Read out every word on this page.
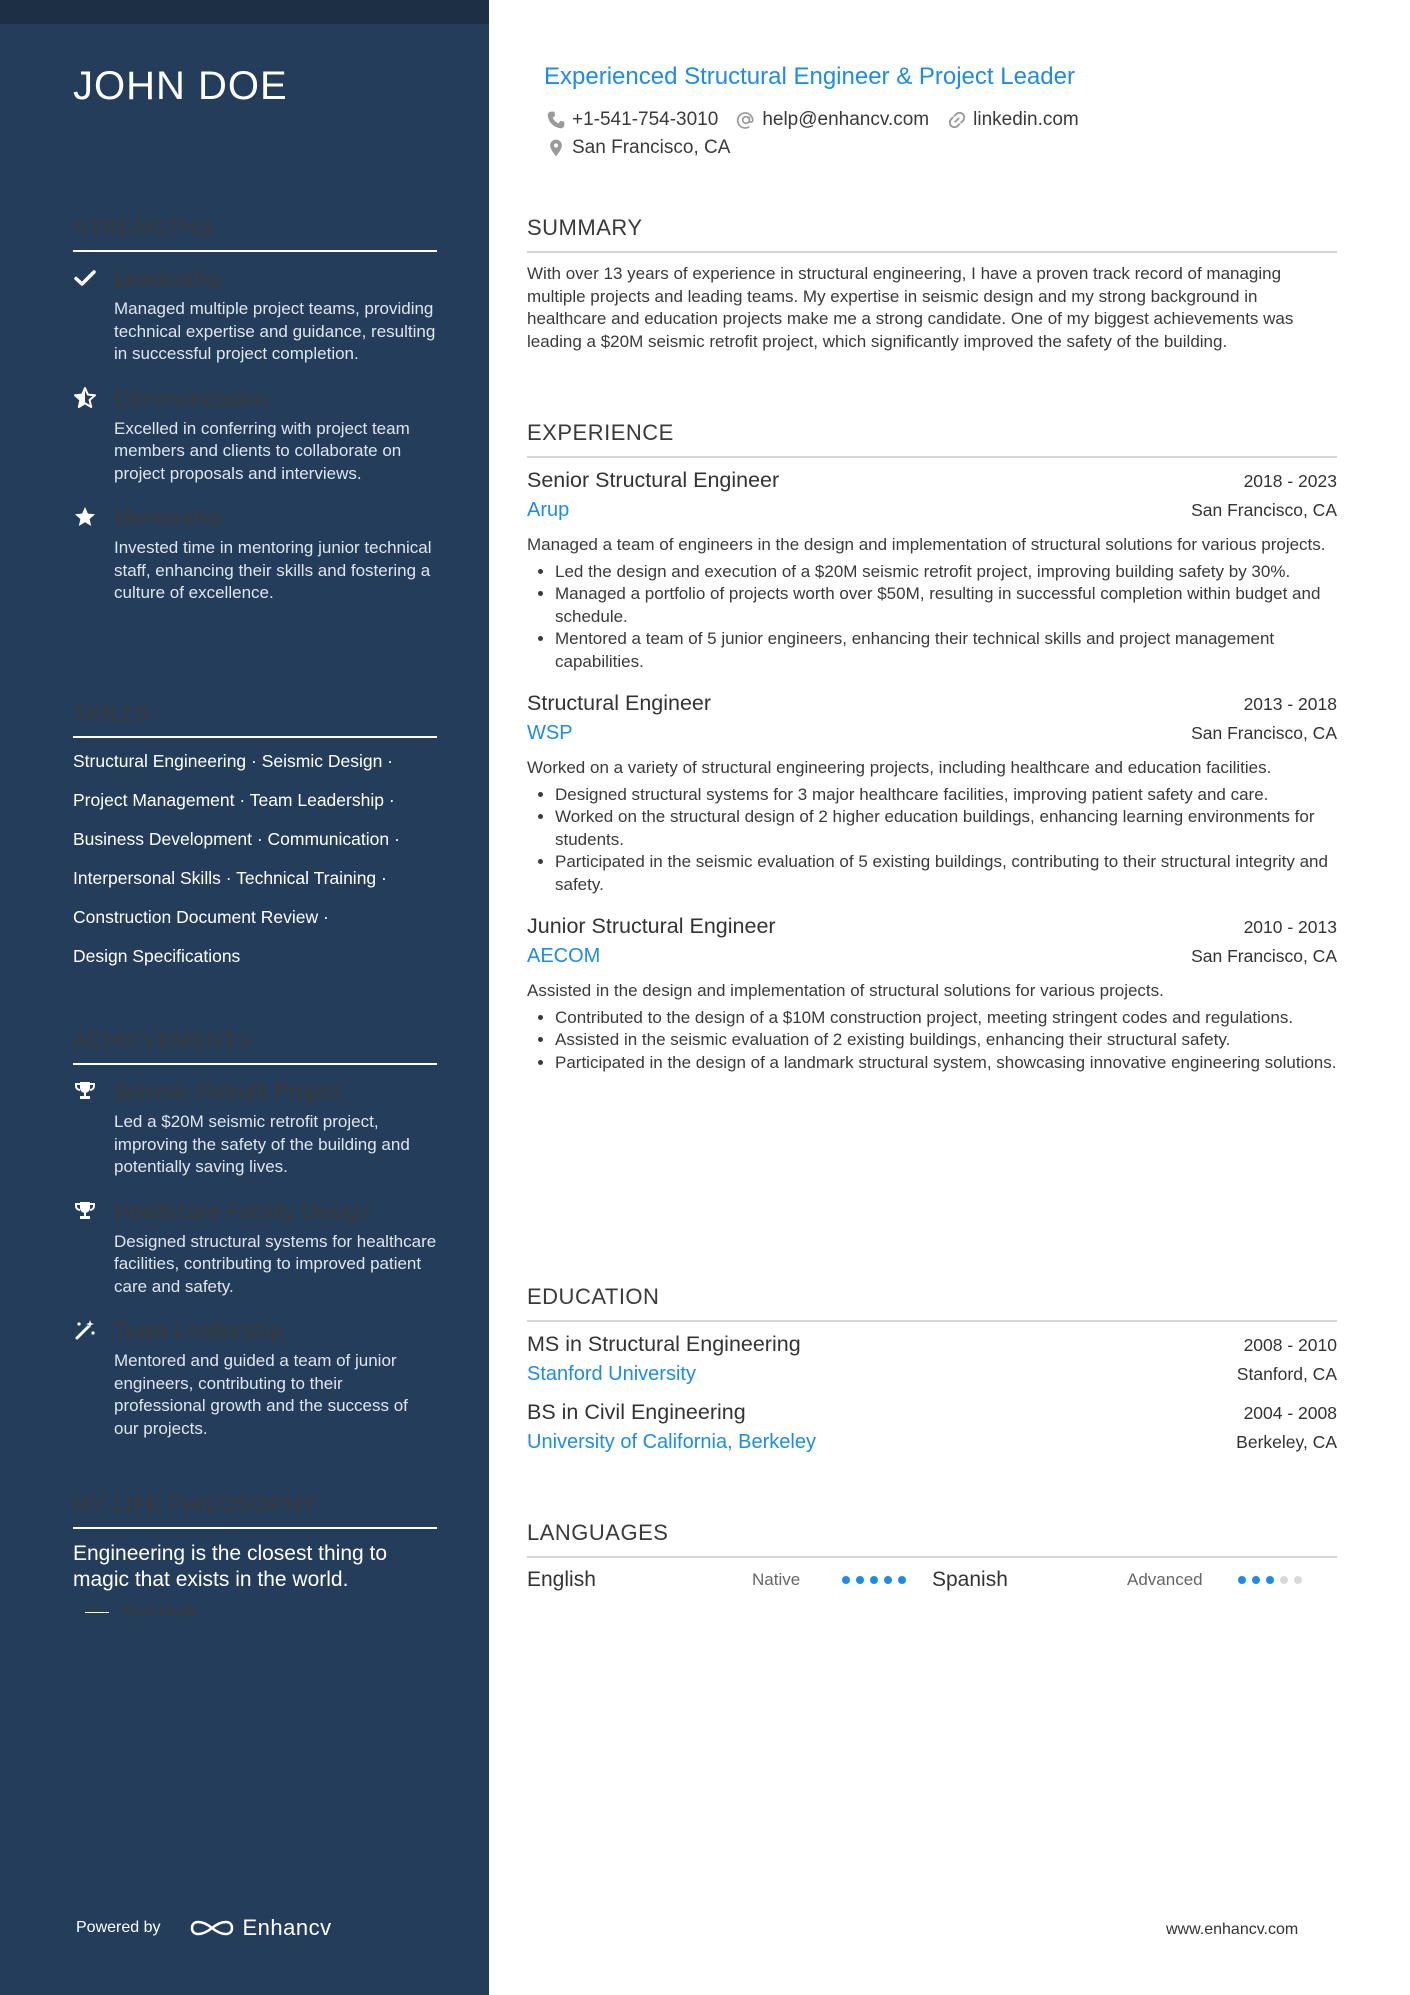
JOHN DOE
STRENGTHS
Leadership
Managed multiple project teams, providing technical expertise and guidance, resulting in successful project completion.
Communication
Excelled in conferring with project team members and clients to collaborate on project proposals and interviews.
Mentorship
Invested time in mentoring junior technical staff, enhancing their skills and fostering a culture of excellence.
SKILLS
Structural Engineering · Seismic Design ·
Project Management · Team Leadership ·
Business Development · Communication ·
Interpersonal Skills · Technical Training ·
Construction Document Review ·
Design Specifications
ACHIEVEMENTS
Seismic Retrofit Project
Led a $20M seismic retrofit project, improving the safety of the building and potentially saving lives.
Healthcare Facility Design
Designed structural systems for healthcare facilities, contributing to improved patient care and safety.
Team Leadership
Mentored and guided a team of junior engineers, contributing to their professional growth and the success of our projects.
MY LIFE PHILOSOPHY
Engineering is the closest thing to magic that exists in the world.
Elon Musk
Powered by	Enhancv
Experienced Structural Engineer & Project Leader
+1-541-754-3010 help@enhancv.com linkedin.com
San Francisco, CA
SUMMARY
With over 13 years of experience in structural engineering, I have a proven track record of managing multiple projects and leading teams. My expertise in seismic design and my strong background in healthcare and education projects make me a strong candidate. One of my biggest achievements was leading a $20M seismic retrofit project, which significantly improved the safety of the building.
EXPERIENCE
Senior Structural Engineer	2018 - 2023
Arup	San Francisco, CA
Managed a team of engineers in the design and implementation of structural solutions for various projects.
• Led the design and execution of a $20M seismic retrofit project, improving building safety by 30%.
• Managed a portfolio of projects worth over $50M, resulting in successful completion within budget and schedule.
• Mentored a team of 5 junior engineers, enhancing their technical skills and project management capabilities.
Structural Engineer	2013 - 2018
WSP	San Francisco, CA
Worked on a variety of structural engineering projects, including healthcare and education facilities.
• Designed structural systems for 3 major healthcare facilities, improving patient safety and care.
• Worked on the structural design of 2 higher education buildings, enhancing learning environments for students.
• Participated in the seismic evaluation of 5 existing buildings, contributing to their structural integrity and safety.
Junior Structural Engineer	2010 - 2013
AECOM	San Francisco, CA
Assisted in the design and implementation of structural solutions for various projects.
• Contributed to the design of a $10M construction project, meeting stringent codes and regulations.
• Assisted in the seismic evaluation of 2 existing buildings, enhancing their structural safety.
• Participated in the design of a landmark structural system, showcasing innovative engineering solutions.
EDUCATION
MS in Structural Engineering	2008 - 2010
Stanford University	Stanford, CA
BS in Civil Engineering	2004 - 2008
University of California, Berkeley	Berkeley, CA
LANGUAGES
English	Native	Spanish	Advanced
www.enhancv.com
